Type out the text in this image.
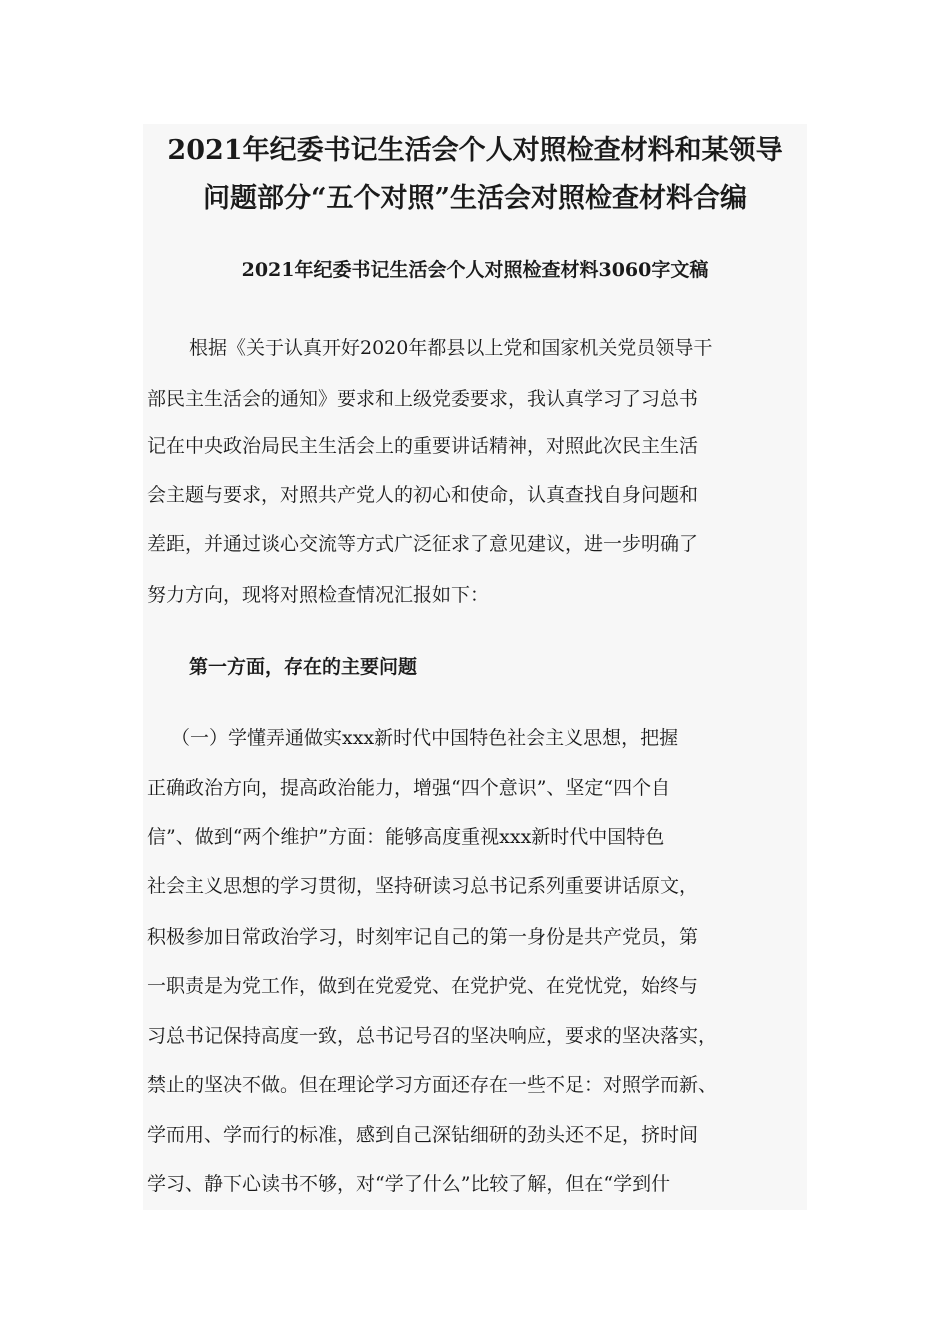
2021年纪委书记生活会个人对照检查材料和某领导

问题部分“五个对照”生活会对照检查材料合编

2021年纪委书记生活会个人对照检查材料3060字文稿

根据《关于认真开好2020年都县以上党和国家机关党员领导干

部民主生活会的通知》要求和上级党委要求，我认真学习了习总书

记在中央政治局民主生活会上的重要讲话精神，对照此次民主生活

会主题与要求，对照共产党人的初心和使命，认真查找自身问题和

差距，并通过谈心交流等方式广泛征求了意见建议，进一步明确了

努力方向，现将对照检查情况汇报如下：

第一方面，存在的主要问题

（一）学懂弄通做实xxx新时代中国特色社会主义思想，把握

正确政治方向，提高政治能力，增强“四个意识”、坚定“四个自

信”、做到“两个维护”方面：能够高度重视xxx新时代中国特色

社会主义思想的学习贯彻，坚持研读习总书记系列重要讲话原文，

积极参加日常政治学习，时刻牢记自己的第一身份是共产党员，第

一职责是为党工作，做到在党爱党、在党护党、在党忧党，始终与

习总书记保持高度一致，总书记号召的坚决响应，要求的坚决落实，

禁止的坚决不做。但在理论学习方面还存在一些不足：对照学而新、

学而用、学而行的标准，感到自己深钻细研的劲头还不足，挤时间

学习、静下心读书不够，对“学了什么”比较了解，但在“学到什
